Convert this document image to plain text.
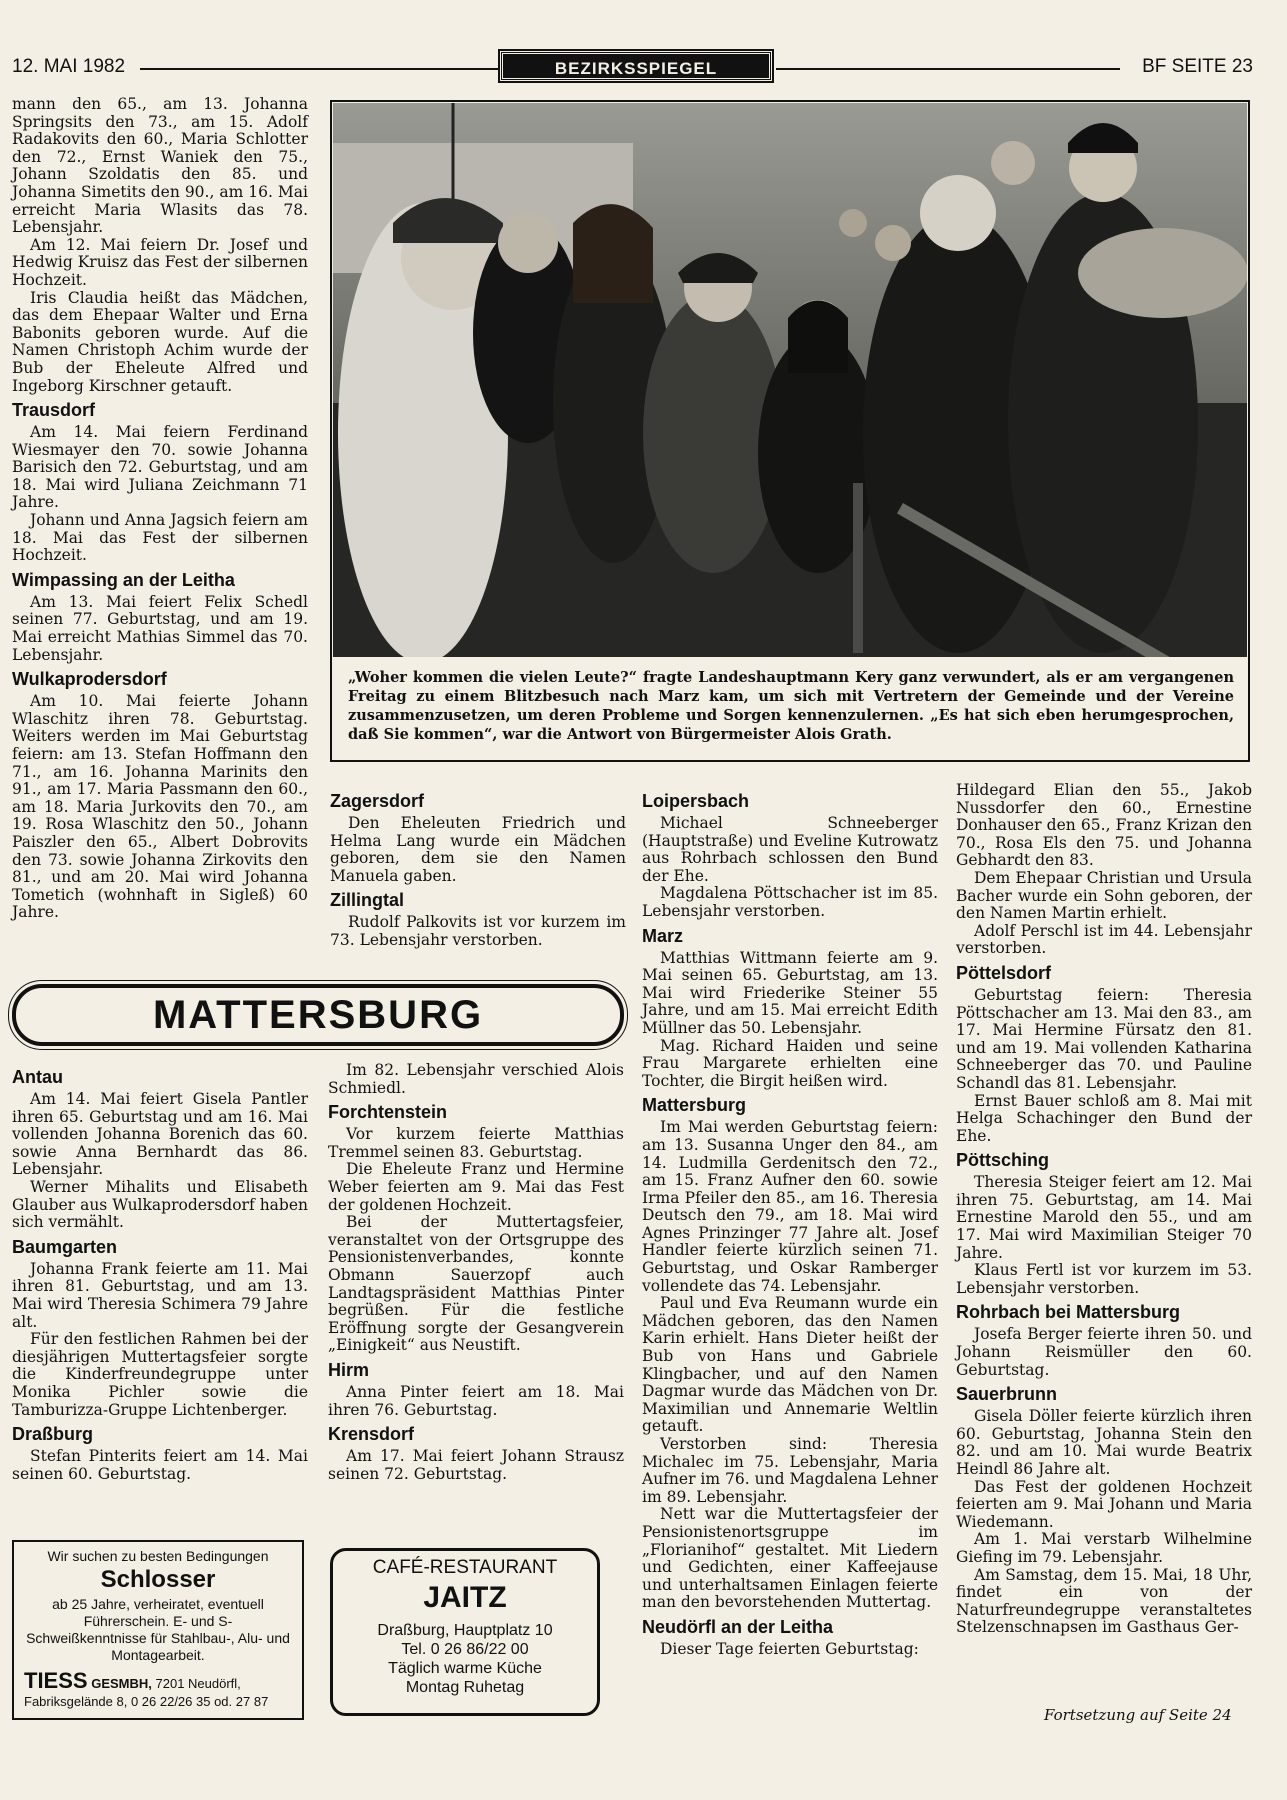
12. MAI 1982	BEZIRKSSPIEGEL	BF SEITE 23

mann den 65., am 13. Johanna Springsits den 73., am 15. Adolf Radakovits den 60., Maria Schlotter den 72., Ernst Waniek den 75., Johann Szoldatis den 85. und Johanna Simetits den 90., am 16. Mai erreicht Maria Wlasits das 78. Lebensjahr.

Am 12. Mai feiern Dr. Josef und Hedwig Kruisz das Fest der silbernen Hochzeit.

Iris Claudia heißt das Mädchen, das dem Ehepaar Walter und Erna Babonits geboren wurde. Auf die Namen Christoph Achim wurde der Bub der Eheleute Alfred und Ingeborg Kirschner getauft.

Trausdorf

Am 14. Mai feiern Ferdinand Wiesmayer den 70. sowie Johanna Barisich den 72. Geburtstag, und am 18. Mai wird Juliana Zeichmann 71 Jahre.

Johann und Anna Jagsich feiern am 18. Mai das Fest der silbernen Hochzeit.

Wimpassing an der Leitha

Am 13. Mai feiert Felix Schedl seinen 77. Geburtstag, und am 19. Mai erreicht Mathias Simmel das 70. Lebensjahr.

Wulkaprodersdorf

Am 10. Mai feierte Johann Wlaschitz ihren 78. Geburtstag. Weiters werden im Mai Geburtstag feiern: am 13. Stefan Hoffmann den 71., am 16. Johanna Marinits den 91., am 17. Maria Passmann den 60., am 18. Maria Jurkovits den 70., am 19. Rosa Wlaschitz den 50., Johann Paiszler den 65., Albert Dobrovits den 73. sowie Johanna Zirkovits den 81., und am 20. Mai wird Johanna Tometich (wohnhaft in Sigleß) 60 Jahre.

„Woher kommen die vielen Leute?“ fragte Landeshauptmann Kery ganz verwundert, als er am vergangenen Freitag zu einem Blitzbesuch nach Marz kam, um sich mit Vertretern der Gemeinde und der Vereine zusammenzusetzen, um deren Probleme und Sorgen kennenzulernen. „Es hat sich eben herumgesprochen, daß Sie kommen“, war die Antwort von Bürgermeister Alois Grath.
Zagersdorf

Den Eheleuten Friedrich und Helma Lang wurde ein Mädchen geboren, dem sie den Namen Manuela gaben.

Zillingtal

Rudolf Palkovits ist vor kurzem im 73. Lebensjahr verstorben.

Loipersbach

Michael Schneeberger (Hauptstraße) und Eveline Kutrowatz aus Rohrbach schlossen den Bund der Ehe.

Magdalena Pöttschacher ist im 85. Lebensjahr verstorben.

Marz

Matthias Wittmann feierte am 9. Mai seinen 65. Geburtstag, am 13. Mai wird Friederike Steiner 55 Jahre, und am 15. Mai erreicht Edith Müllner das 50. Lebensjahr.

Mag. Richard Haiden und seine Frau Margarete erhielten eine Tochter, die Birgit heißen wird.

Mattersburg

Im Mai werden Geburtstag feiern: am 13. Susanna Unger den 84., am 14. Ludmilla Gerdenitsch den 72., am 15. Franz Aufner den 60. sowie Irma Pfeiler den 85., am 16. Theresia Deutsch den 79., am 18. Mai wird Agnes Prinzinger 77 Jahre alt. Josef Handler feierte kürzlich seinen 71. Geburtstag, und Oskar Ramberger vollendete das 74. Lebensjahr.

Paul und Eva Reumann wurde ein Mädchen geboren, das den Namen Karin erhielt. Hans Dieter heißt der Bub von Hans und Gabriele Klingbacher, und auf den Namen Dagmar wurde das Mädchen von Dr. Maximilian und Annemarie Weltlin getauft.

Verstorben sind: Theresia Michalec im 75. Lebensjahr, Maria Aufner im 76. und Magdalena Lehner im 89. Lebensjahr.

Nett war die Muttertagsfeier der Pensionistenortsgruppe im „Florianihof“ gestaltet. Mit Liedern und Gedichten, einer Kaffeejause und unterhaltsamen Einlagen feierte man den bevorstehenden Muttertag.

Neudörfl an der Leitha

Dieser Tage feierten Geburtstag:

Hildegard Elian den 55., Jakob Nussdorfer den 60., Ernestine Donhauser den 65., Franz Krizan den 70., Rosa Els den 75. und Johanna Gebhardt den 83.

Dem Ehepaar Christian und Ursula Bacher wurde ein Sohn geboren, der den Namen Martin erhielt.

Adolf Perschl ist im 44. Lebensjahr verstorben.

Pöttelsdorf

Geburtstag feiern: Theresia Pöttschacher am 13. Mai den 83., am 17. Mai Hermine Fürsatz den 81. und am 19. Mai vollenden Katharina Schneeberger das 70. und Pauline Schandl das 81. Lebensjahr.

Ernst Bauer schloß am 8. Mai mit Helga Schachinger den Bund der Ehe.

Pöttsching

Theresia Steiger feiert am 12. Mai ihren 75. Geburtstag, am 14. Mai Ernestine Marold den 55., und am 17. Mai wird Maximilian Steiger 70 Jahre.

Klaus Fertl ist vor kurzem im 53. Lebensjahr verstorben.

Rohrbach bei Mattersburg

Josefa Berger feierte ihren 50. und Johann Reismüller den 60. Geburtstag.

Sauerbrunn

Gisela Döller feierte kürzlich ihren 60. Geburtstag, Johanna Stein den 82. und am 10. Mai wurde Beatrix Heindl 86 Jahre alt.

Das Fest der goldenen Hochzeit feierten am 9. Mai Johann und Maria Wiedemann.

Am 1. Mai verstarb Wilhelmine Giefing im 79. Lebensjahr.

Am Samstag, dem 15. Mai, 18 Uhr, findet ein von der Naturfreundegruppe veranstaltetes Stelzenschnapsen im Gasthaus Ger-

MATTERSBURG
Antau

Am 14. Mai feiert Gisela Pantler ihren 65. Geburtstag und am 16. Mai vollenden Johanna Borenich das 60. sowie Anna Bernhardt das 86. Lebensjahr.

Werner Mihalits und Elisabeth Glauber aus Wulkaprodersdorf haben sich vermählt.

Baumgarten

Johanna Frank feierte am 11. Mai ihren 81. Geburtstag, und am 13. Mai wird Theresia Schimera 79 Jahre alt.

Für den festlichen Rahmen bei der diesjährigen Muttertagsfeier sorgte die Kinderfreundegruppe unter Monika Pichler sowie die Tamburizza-Gruppe Lichtenberger.

Draßburg

Stefan Pinterits feiert am 14. Mai seinen 60. Geburtstag.

Im 82. Lebensjahr verschied Alois Schmiedl.

Forchtenstein

Vor kurzem feierte Matthias Tremmel seinen 83. Geburtstag.

Die Eheleute Franz und Hermine Weber feierten am 9. Mai das Fest der goldenen Hochzeit.

Bei der Muttertagsfeier, veranstaltet von der Ortsgruppe des Pensionistenverbandes, konnte Obmann Sauerzopf auch Landtagspräsident Matthias Pinter begrüßen. Für die festliche Eröffnung sorgte der Gesangverein „Einigkeit“ aus Neustift.

Hirm

Anna Pinter feiert am 18. Mai ihren 76. Geburtstag.

Krensdorf

Am 17. Mai feiert Johann Strausz seinen 72. Geburtstag.

Wir suchen zu besten Bedingungen
Schlosser
ab 25 Jahre, verheiratet, eventuell Führerschein. E- und S-Schweißkenntnisse für Stahlbau-, Alu- und Montagearbeit.
TIESS GESMBH, 7201 Neudörfl,
Fabriksgelände 8, 0 26 22/26 35 od. 27 87
CAFÉ-RESTAURANT
JAITZ
Draßburg, Hauptplatz 10
Tel. 0 26 86/22 00
Täglich warme Küche
Montag Ruhetag
Fortsetzung auf Seite 24
